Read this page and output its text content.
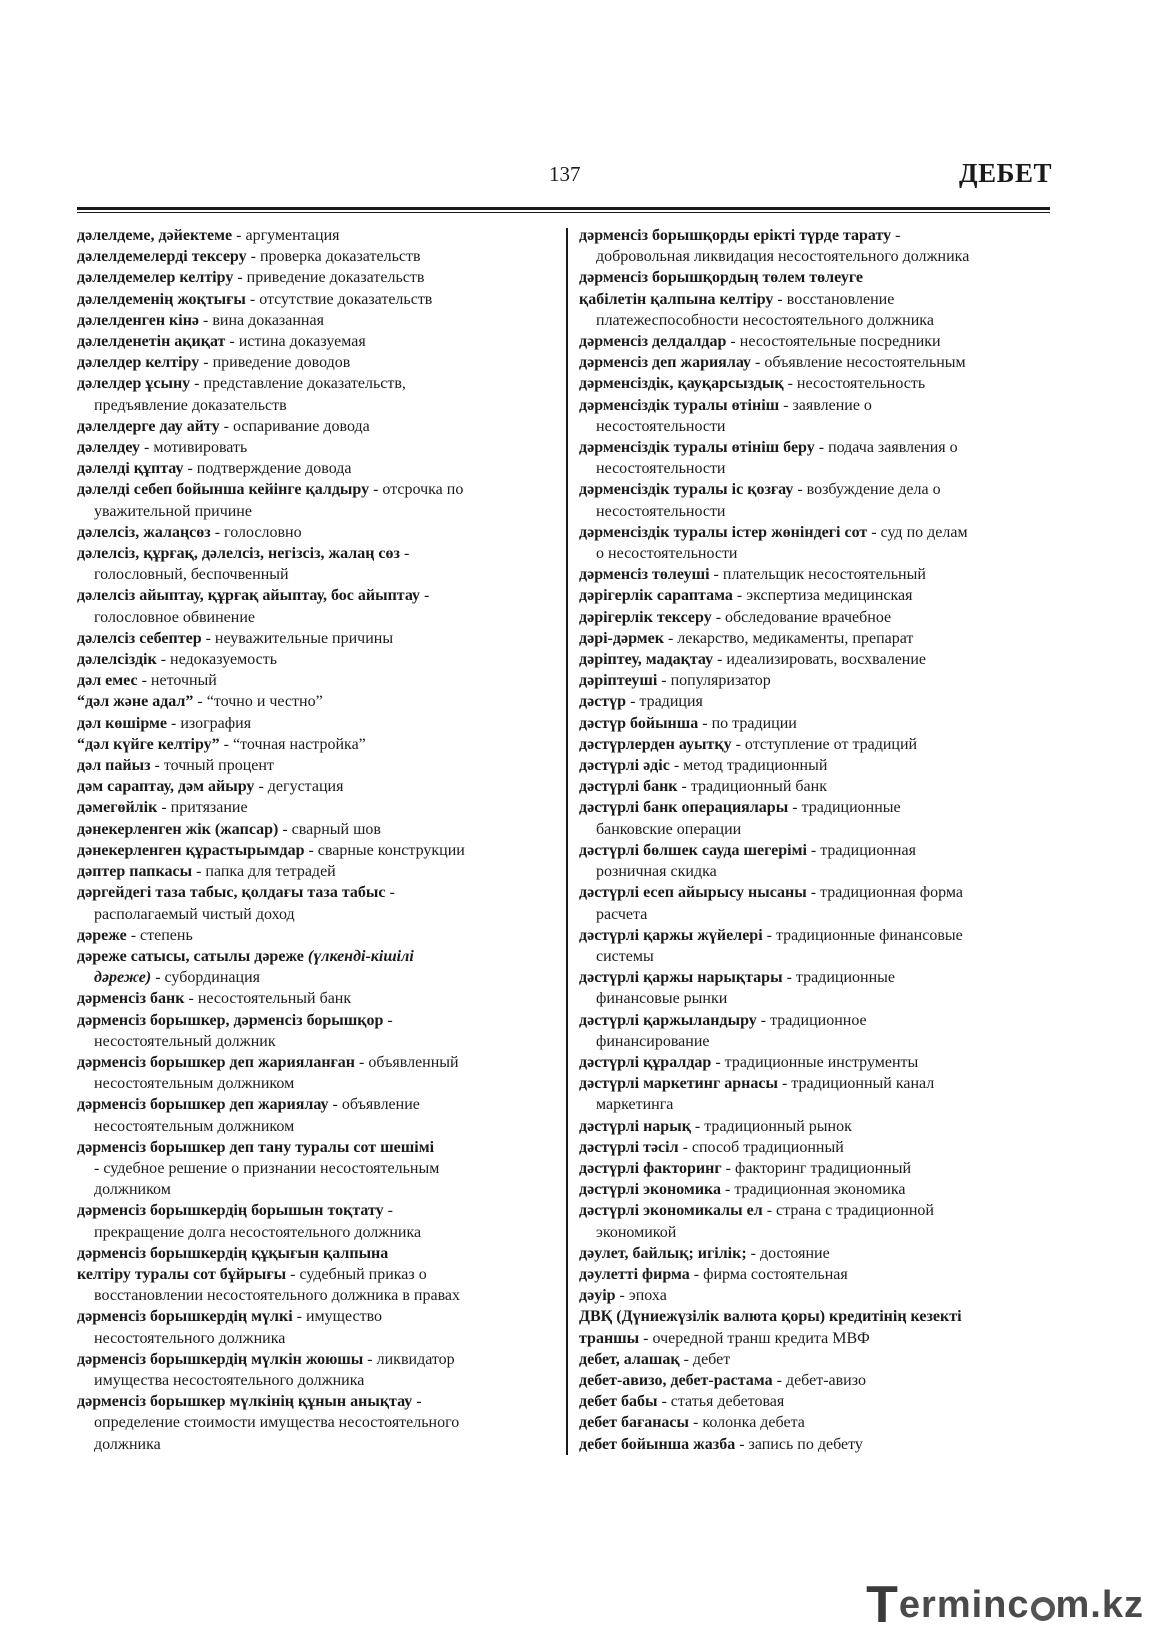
137	ДЕБЕТ
дәлелдеме, дәйектеме - аргументация
дәлелдемелерді тексеру - проверка доказательств
дәлелдемелер келтіру - приведение доказательств
дәлелдеменің жоқтығы - отсутствие доказательств
дәлелденген кінә - вина доказанная
дәлелденетін ақиқат - истина доказуемая
дәлелдер келтіру - приведение доводов
дәлелдер ұсыну - представление доказательств,
предъявление доказательств
дәлелдерге дау айту - оспаривание довода
дәлелдеу - мотивировать
дәлелді құптау - подтверждение довода
дәлелді себеп бойынша кейінге қалдыру - отсрочка по
уважительной причине
дәлелсіз, жалаңсөз - голословно
дәлелсіз, құрғақ, дәлелсіз, негізсіз, жалаң сөз -
голословный, беспочвенный
дәлелсіз айыптау, құрғақ айыптау, бос айыптау -
голословное обвинение
дәлелсіз себептер - неуважительные причины
дәлелсіздік - недоказуемость
дәл емес - неточный
“дәл және адал” - “точно и честно”
дәл көшірме - изография
“дәл күйге келтіру” - “точная настройка”
дәл пайыз - точный процент
дәм сараптау, дәм айыру - дегустация
дәмегөйлік - притязание
дәнекерленген жік (жапсар) - сварный шов
дәнекерленген құрастырымдар - сварные конструкции
дәптер папкасы - папка для тетрадей
дәргейдегі таза табыс, қолдағы таза табыс -
располагаемый чистый доход
дәреже - степень
дәреже сатысы, сатылы дәреже (үлкенді-кішілі
дәреже) - субординация
дәрменсіз банк - несостоятельный банк
дәрменсіз борышкер, дәрменсіз борышқор -
несостоятельный должник
дәрменсіз борышкер деп жарияланған - объявленный
несостоятельным должником
дәрменсіз борышкер деп жариялау - объявление
несостоятельным должником
дәрменсіз борышкер деп тану туралы сот шешімі
- судебное решение о признании несостоятельным
должником
дәрменсіз борышкердің борышын тоқтату -
прекращение долга несостоятельного должника
дәрменсіз борышкердің құқығын қалпына
келтіру туралы сот бұйрығы - судебный приказ о
восстановлении несостоятельного должника в правах
дәрменсіз борышкердің мүлкі - имущество
несостоятельного должника
дәрменсіз борышкердің мүлкін жоюшы - ликвидатор
имущества несостоятельного должника
дәрменсіз борышкер мүлкінің құнын анықтау -
определение стоимости имущества несостоятельного
должника
дәрменсіз борышқорды ерікті түрде тарату -
добровольная ликвидация несостоятельного должника
дәрменсіз борышқордың төлем төлеуге
қабілетін қалпына келтіру - восстановление
платежеспособности несостоятельного должника
дәрменсіз делдалдар - несостоятельные посредники
дәрменсіз деп жариялау - объявление несостоятельным
дәрменсіздік, қауқарсыздық - несостоятельность
дәрменсіздік туралы өтініш - заявление о
несостоятельности
дәрменсіздік туралы өтініш беру - подача заявления о
несостоятельности
дәрменсіздік туралы іс қозғау - возбуждение дела о
несостоятельности
дәрменсіздік туралы істер жөніндегі сот - суд по делам
о несостоятельности
дәрменсіз төлеуші - плательщик несостоятельный
дәрігерлік сараптама - экспертиза медицинская
дәрігерлік тексеру - обследование врачебное
дәрі-дәрмек - лекарство, медикаменты, препарат
дәріптеу, мадақтау - идеализировать, восхваление
дәріптеуші - популяризатор
дәстүр - традиция
дәстүр бойынша - по традиции
дәстүрлерден ауытқу - отступление от традиций
дәстүрлі әдіс - метод традиционный
дәстүрлі банк - традиционный банк
дәстүрлі банк операциялары - традиционные
банковские операции
дәстүрлі бөлшек сауда шегерімі - традиционная
розничная скидка
дәстүрлі есеп айырысу нысаны - традиционная форма
расчета
дәстүрлі қаржы жүйелері - традиционные финансовые
системы
дәстүрлі қаржы нарықтары - традиционные
финансовые рынки
дәстүрлі қаржыландыру - традиционное
финансирование
дәстүрлі құралдар - традиционные инструменты
дәстүрлі маркетинг арнасы - традиционный канал
маркетинга
дәстүрлі нарық - традиционный рынок
дәстүрлі тәсіл - способ традиционный
дәстүрлі факторинг - факторинг традиционный
дәстүрлі экономика - традиционная экономика
дәстүрлі экономикалы ел - страна с традиционной
экономикой
дәулет, байлық; игілік; - достояние
дәулетті фирма - фирма состоятельная
дәуір - эпоха
ДВҚ (Дүниежүзілік валюта қоры) кредитінің кезекті
траншы - очередной транш кредита МВФ
дебет, алашақ - дебет
дебет-авизо, дебет-растама - дебет-авизо
дебет бабы - статья дебетовая
дебет бағанасы - колонка дебета
дебет бойынша жазба - запись по дебету
T erminc m.kz
